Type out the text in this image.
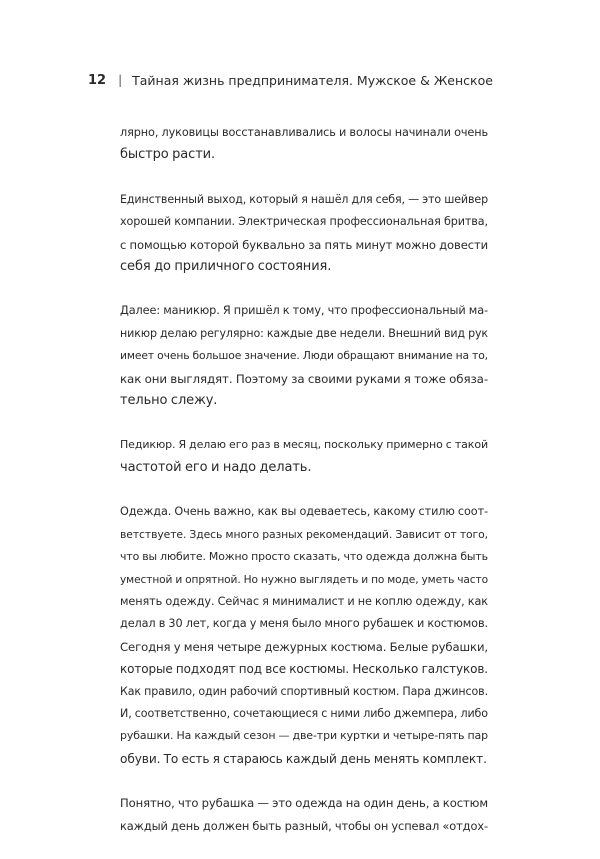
12 | Тайная жизнь предпринимателя. Мужское & Женское

лярно, луковицы восстанавливались и волосы начинали очень
быстро расти.

Единственный выход, который я нашёл для себя, — это шейвер
хорошей компании. Электрическая профессиональная бритва,
с помощью которой буквально за пять минут можно довести
себя до приличного состояния.

Далее: маникюр. Я пришёл к тому, что профессиональный ма-
никюр делаю регулярно: каждые две недели. Внешний вид рук
имеет очень большое значение. Люди обращают внимание на то,
как они выглядят. Поэтому за своими руками я тоже обяза-
тельно слежу.

Педикюр. Я делаю его раз в месяц, поскольку примерно с такой
частотой его и надо делать.

Одежда. Очень важно, как вы одеваетесь, какому стилю соот-
ветствуете. Здесь много разных рекомендаций. Зависит от того,
что вы любите. Можно просто сказать, что одежда должна быть
уместной и опрятной. Но нужно выглядеть и по моде, уметь часто
менять одежду. Сейчас я минималист и не коплю одежду, как
делал в 30 лет, когда у меня было много рубашек и костюмов.
Сегодня у меня четыре дежурных костюма. Белые рубашки,
которые подходят под все костюмы. Несколько галстуков.
Как правило, один рабочий спортивный костюм. Пара джинсов.
И, соответственно, сочетающиеся с ними либо джемпера, либо
рубашки. На каждый сезон — две-три куртки и четыре-пять пар
обуви. То есть я стараюсь каждый день менять комплект.

Понятно, что рубашка — это одежда на один день, а костюм
каждый день должен быть разный, чтобы он успевал «отдох-
